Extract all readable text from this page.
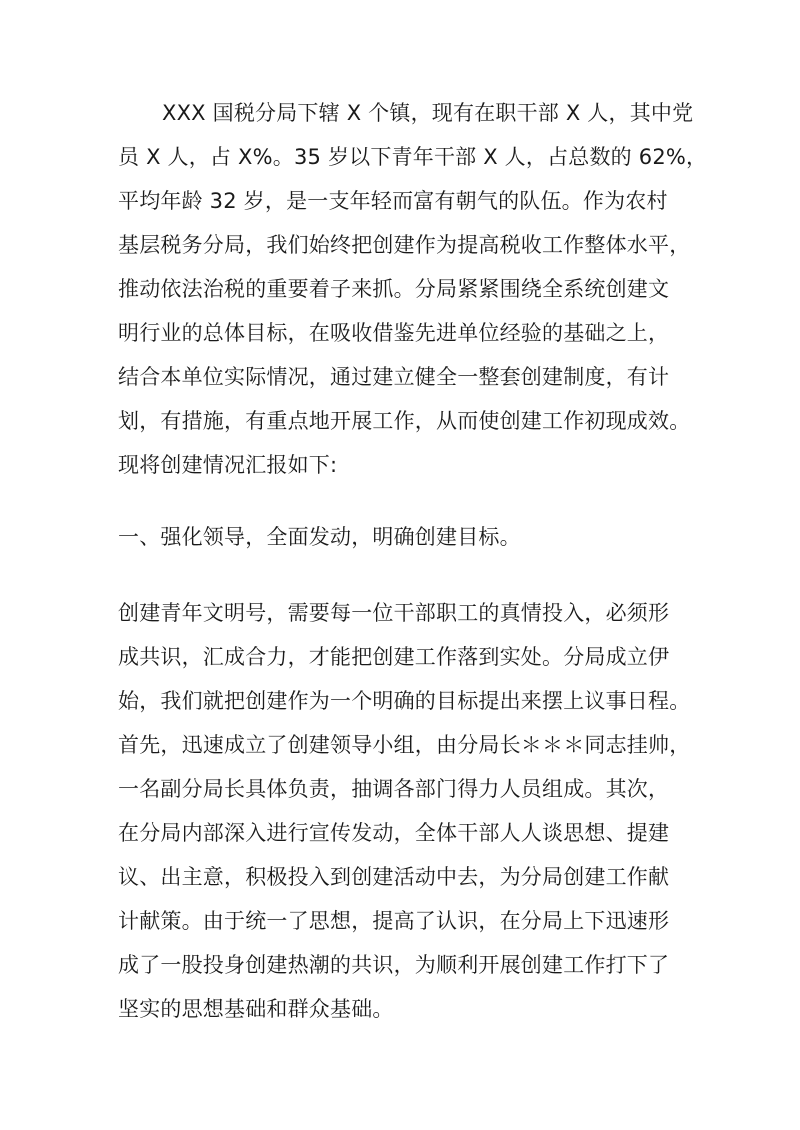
XXX 国税分局下辖 X 个镇，现有在职干部 X 人，其中党
员 X 人，占 X%。35 岁以下青年干部 X 人，占总数的 62%，
平均年龄 32 岁，是一支年轻而富有朝气的队伍。作为农村
基层税务分局，我们始终把创建作为提高税收工作整体水平，
推动依法治税的重要着子来抓。分局紧紧围绕全系统创建文
明行业的总体目标，在吸收借鉴先进单位经验的基础之上，
结合本单位实际情况，通过建立健全一整套创建制度，有计
划，有措施，有重点地开展工作，从而使创建工作初现成效。
现将创建情况汇报如下:
一、强化领导，全面发动，明确创建目标。
创建青年文明号，需要每一位干部职工的真情投入，必须形
成共识，汇成合力，才能把创建工作落到实处。分局成立伊
始，我们就把创建作为一个明确的目标提出来摆上议事日程。
首先，迅速成立了创建领导小组，由分局长＊＊＊同志挂帅，
一名副分局长具体负责，抽调各部门得力人员组成。其次，
在分局内部深入进行宣传发动，全体干部人人谈思想、提建
议、出主意，积极投入到创建活动中去，为分局创建工作献
计献策。由于统一了思想，提高了认识，在分局上下迅速形
成了一股投身创建热潮的共识，为顺利开展创建工作打下了
坚实的思想基础和群众基础。
